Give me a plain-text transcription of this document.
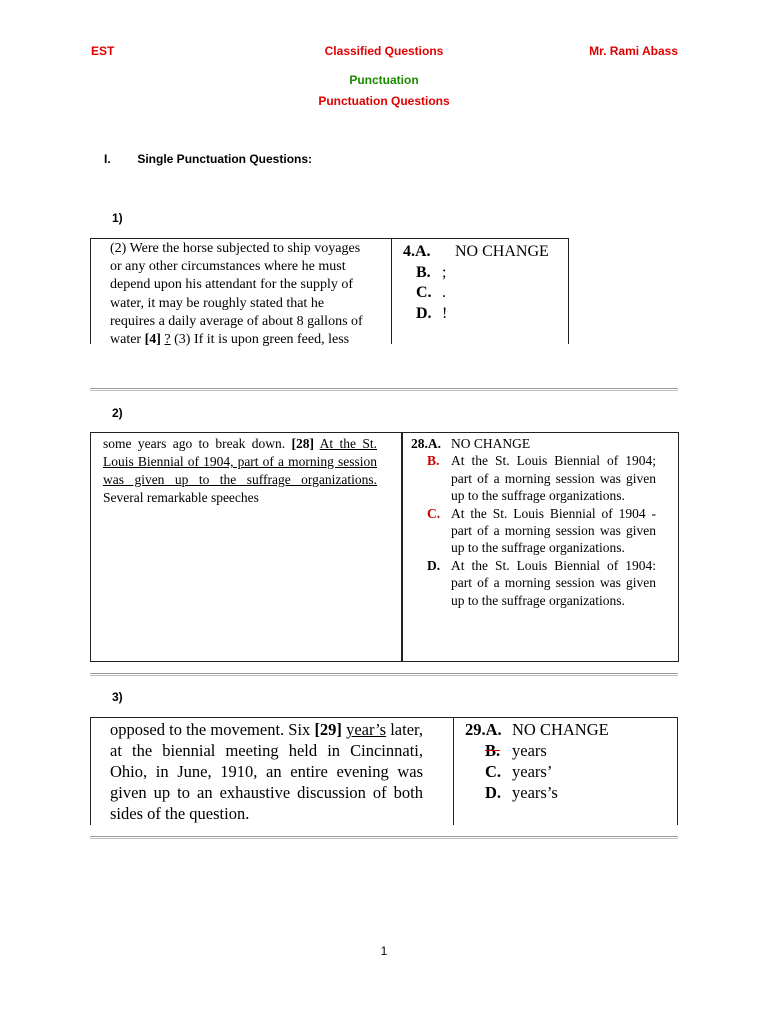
EST	Classified Questions	Mr. Rami Abass
Punctuation
Punctuation Questions
I. Single Punctuation Questions:
1)
(2) Were the horse subjected to ship voyages
or any other circumstances where he must
depend upon his attendant for the supply of
water, it may be roughly stated that he
requires a daily average of about 8 gallons of
water [4] ? (3) If it is upon green feed, less
4.A.	NO CHANGE
B. ;
C. .
D. !
2)
some years ago to break down. [28] At the St. Louis Biennial of 1904, part of a morning session was given up to the suffrage organizations. Several remarkable speeches
28.A. NO CHANGE
B. At the St. Louis Biennial of 1904; part of a morning session was given up to the suffrage organizations.
C. At the St. Louis Biennial of 1904 - part of a morning session was given up to the suffrage organizations.
D. At the St. Louis Biennial of 1904: part of a morning session was given up to the suffrage organizations.
3)
opposed to the movement. Six [29] year’s later, at the biennial meeting held in Cincinnati, Ohio, in June, 1910, an entire evening was given up to an exhaustive discussion of both sides of the question.
29.A. NO CHANGE
B. years
C. years’
D. years’s
1
